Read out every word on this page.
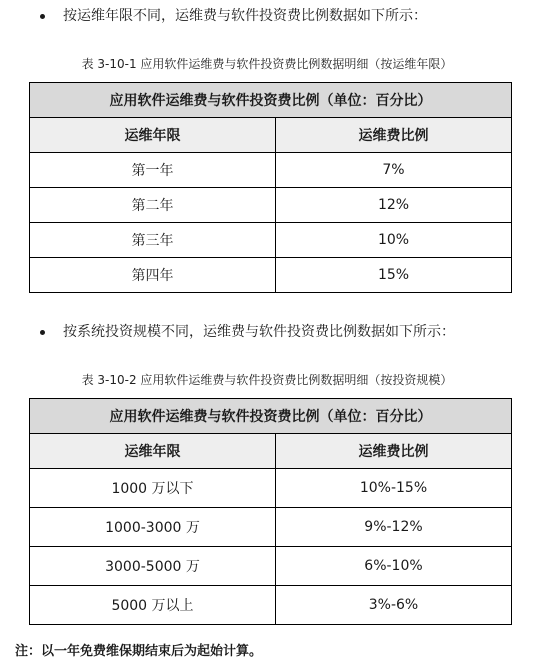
按运维年限不同，运维费与软件投资费比例数据如下所示：
表 3-10-1 应用软件运维费与软件投资费比例数据明细（按运维年限）
应用软件运维费与软件投资费比例（单位：百分比）	
运维年限	运维费比例
第一年	7%
第二年	12%
第三年	10%
第四年	15%
按系统投资规模不同，运维费与软件投资费比例数据如下所示：
表 3-10-2 应用软件运维费与软件投资费比例数据明细（按投资规模）
应用软件运维费与软件投资费比例（单位：百分比）	
运维年限	运维费比例
1000 万以下	10%-15%
1000-3000 万	9%-12%
3000-5000 万	6%-10%
5000 万以上	3%-6%
注：以一年免费维保期结束后为起始计算。
